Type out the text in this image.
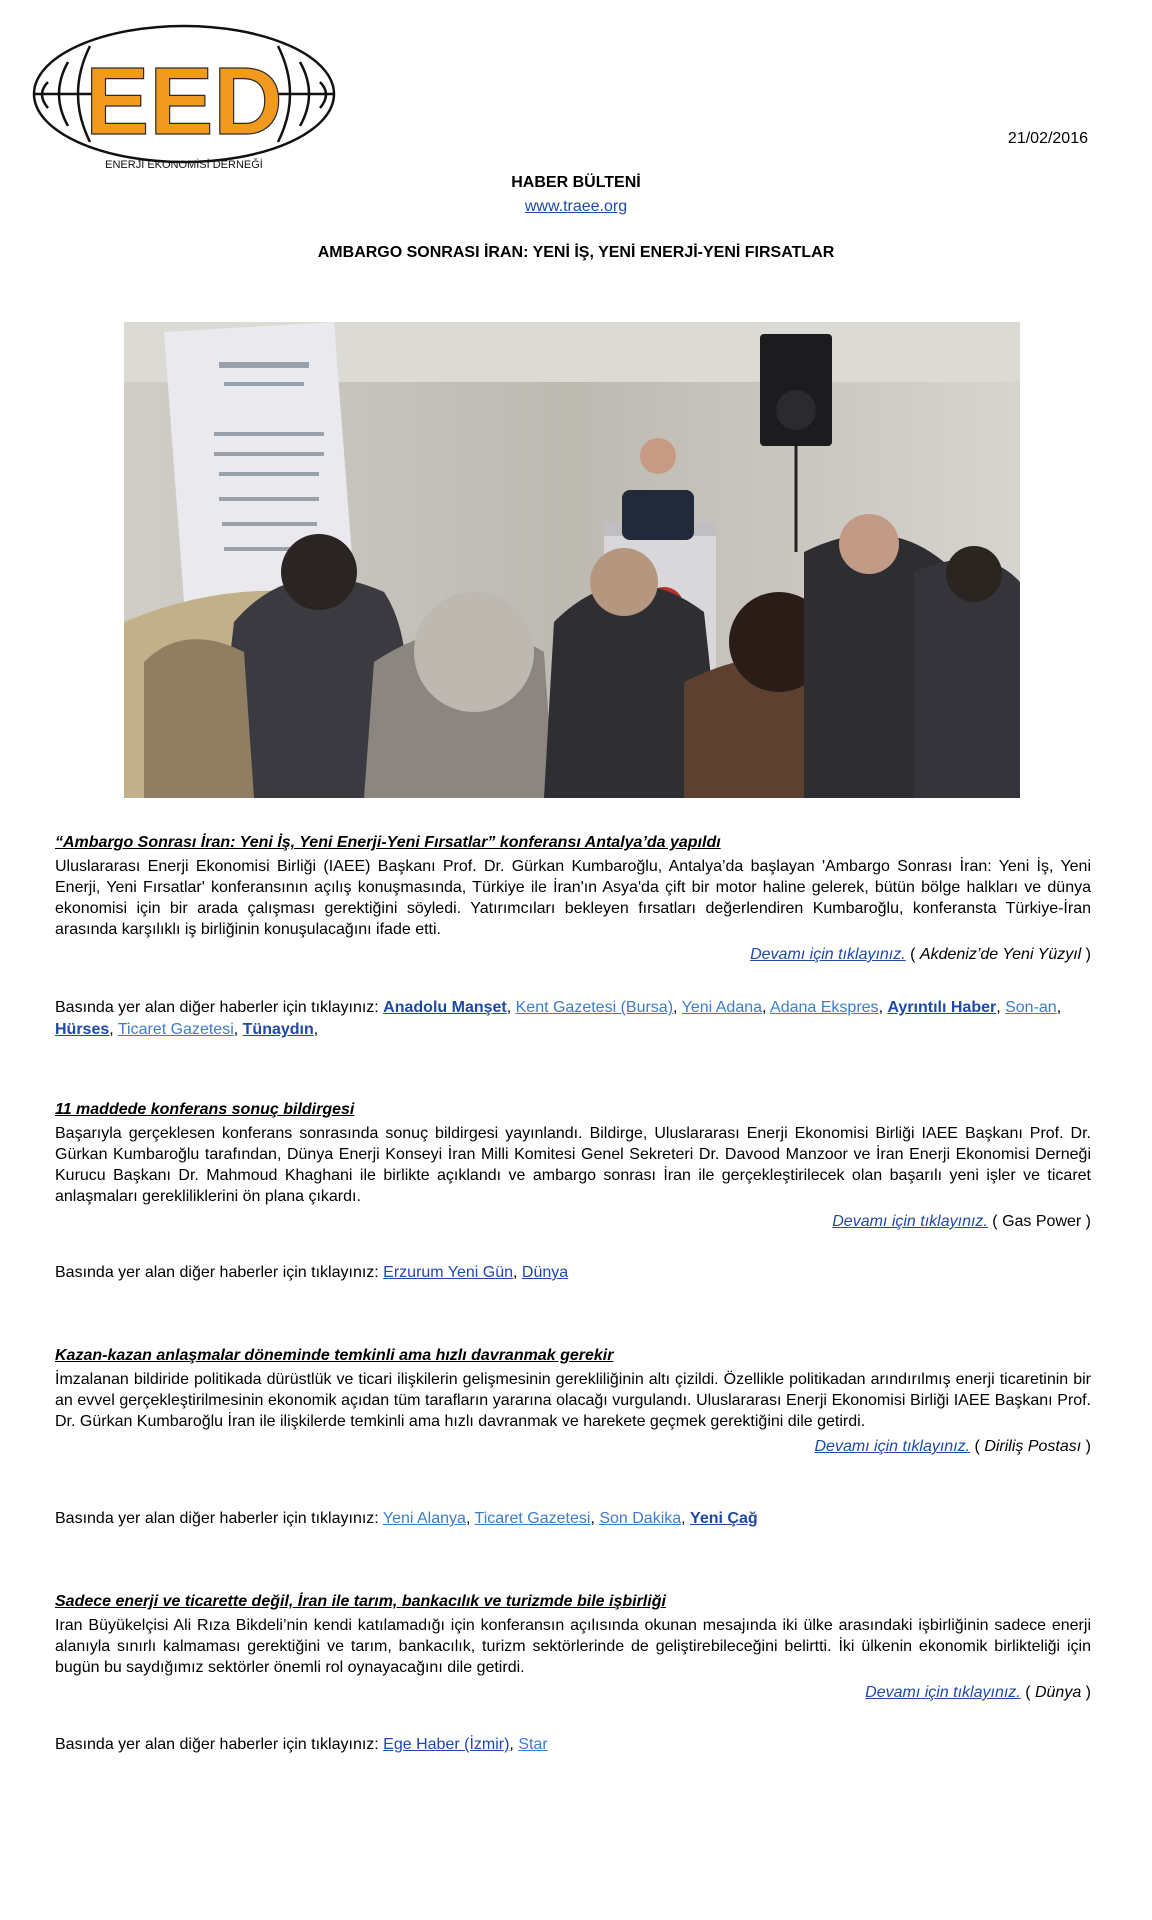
EED
ENERJİ EKONOMİSİ DERNEĞİ
21/02/2016
HABER BÜLTENİ
www.traee.org
AMBARGO SONRASI İRAN: YENİ İŞ, YENİ ENERJİ-YENİ FIRSATLAR
“Ambargo Sonrası İran: Yeni İş, Yeni Enerji-Yeni Fırsatlar” konferansı Antalya’da yapıldı
Uluslararası Enerji Ekonomisi Birliği (IAEE) Başkanı Prof. Dr. Gürkan Kumbaroğlu, Antalya’da başlayan 'Ambargo Sonrası İran: Yeni İş, Yeni Enerji, Yeni Fırsatlar' konferansının açılış konuşmasında, Türkiye ile İran'ın Asya'da çift bir motor haline gelerek, bütün bölge halkları ve dünya ekonomisi için bir arada çalışması gerektiğini söyledi. Yatırımcıları bekleyen fırsatları değerlendiren Kumbaroğlu, konferansta Türkiye-İran arasında karşılıklı iş birliğinin konuşulacağını ifade etti.
Devamı için tıklayınız. ( Akdeniz’de Yeni Yüzyıl )
Basında yer alan diğer haberler için tıklayınız: Anadolu Manşet, Kent Gazetesi (Bursa), Yeni Adana, Adana Ekspres, Ayrıntılı Haber, Son-an, Hürses, Ticaret Gazetesi, Tünaydın,
11 maddede konferans sonuç bildirgesi
Başarıyla gerçeklesen konferans sonrasında sonuç bildirgesi yayınlandı. Bildirge, Uluslararası Enerji Ekonomisi Birliği IAEE Başkanı Prof. Dr. Gürkan Kumbaroğlu tarafından, Dünya Enerji Konseyi İran Milli Komitesi Genel Sekreteri Dr. Davood Manzoor ve İran Enerji Ekonomisi Derneği Kurucu Başkanı Dr. Mahmoud Khaghani ile birlikte açıklandı ve ambargo sonrası İran ile gerçekleştirilecek olan başarılı yeni işler ve ticaret anlaşmaları gerekliliklerini ön plana çıkardı.
Devamı için tıklayınız. ( Gas Power )
Basında yer alan diğer haberler için tıklayınız: Erzurum Yeni Gün, Dünya
Kazan-kazan anlaşmalar döneminde temkinli ama hızlı davranmak gerekir
İmzalanan bildiride politikada dürüstlük ve ticari ilişkilerin gelişmesinin gerekliliğinin altı çizildi. Özellikle politikadan arındırılmış enerji ticaretinin bir an evvel gerçekleştirilmesinin ekonomik açıdan tüm tarafların yararına olacağı vurgulandı. Uluslararası Enerji Ekonomisi Birliği IAEE Başkanı Prof. Dr. Gürkan Kumbaroğlu İran ile ilişkilerde temkinli ama hızlı davranmak ve harekete geçmek gerektiğini dile getirdi.
Devamı için tıklayınız. ( Diriliş Postası )
Basında yer alan diğer haberler için tıklayınız: Yeni Alanya, Ticaret Gazetesi, Son Dakika, Yeni Çağ
Sadece enerji ve ticarette değil, İran ile tarım, bankacılık ve turizmde bile işbirliği
Iran Büyükelçisi Ali Rıza Bikdeli’nin kendi katılamadığı için konferansın açılısında okunan mesajında iki ülke arasındaki işbirliğinin sadece enerji alanıyla sınırlı kalmaması gerektiğini ve tarım, bankacılık, turizm sektörlerinde de geliştirebileceğini belirtti. İki ülkenin ekonomik birlikteliği için bugün bu saydığımız sektörler önemli rol oynayacağını dile getirdi.
Devamı için tıklayınız. ( Dünya )
Basında yer alan diğer haberler için tıklayınız: Ege Haber (İzmir), Star
